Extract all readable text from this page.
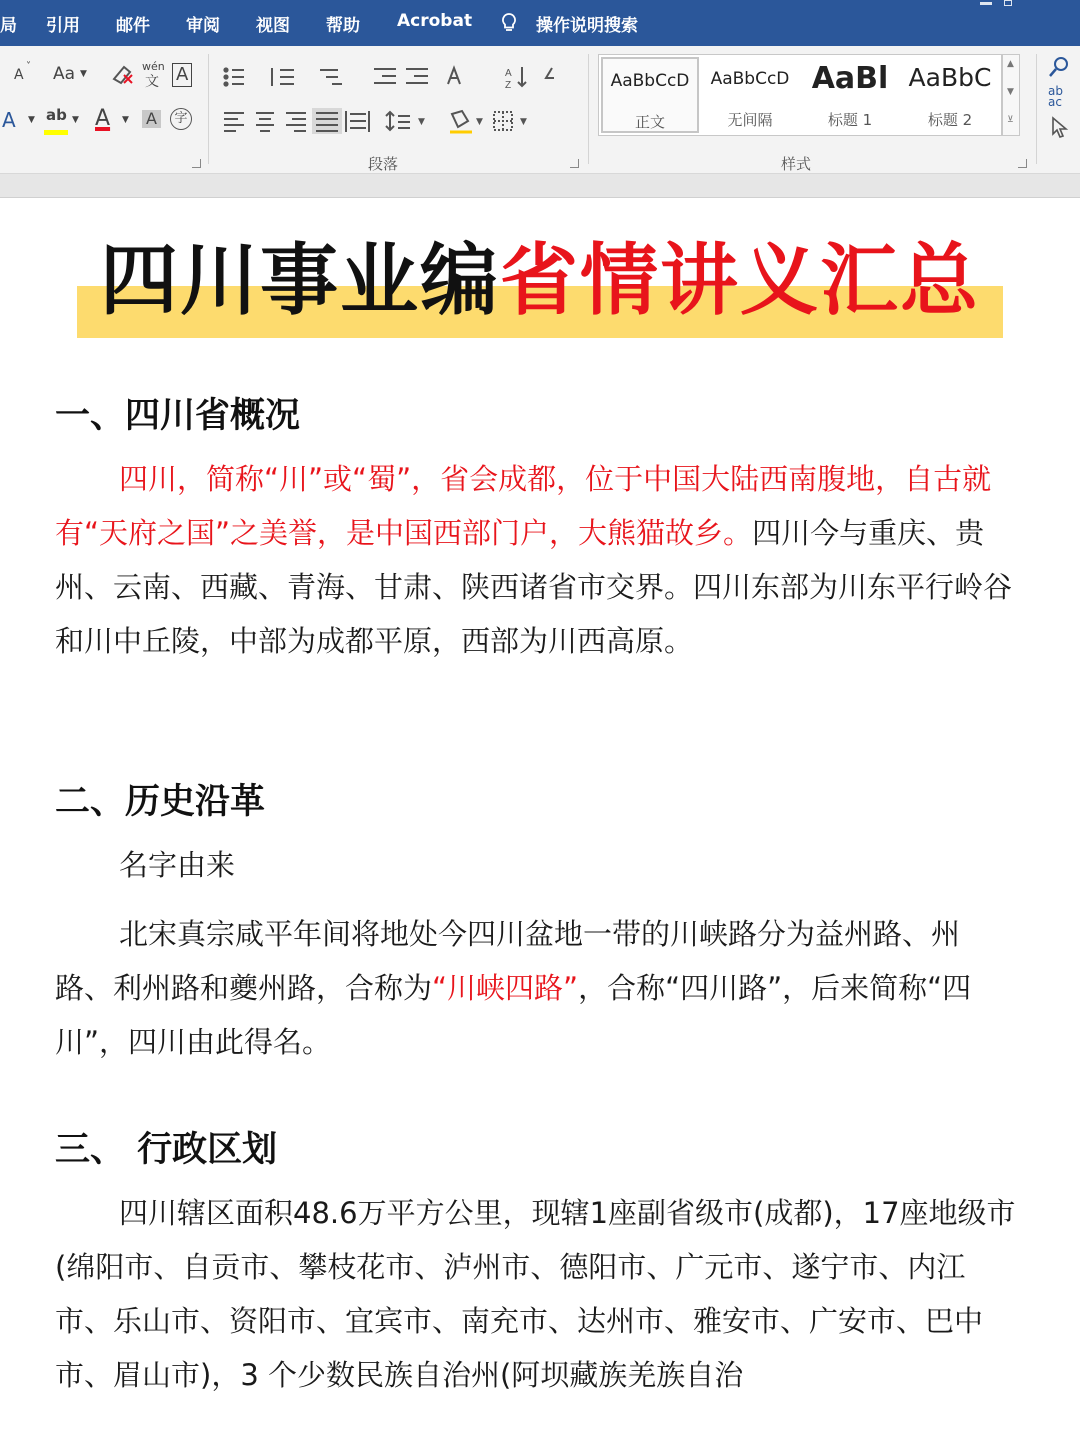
局 引用 邮件 审阅 视图 帮助 Acrobat	操作说明搜索
A
˅ Aa ▼
wén
文 A
A ▼ ab ▼ A ▼ A	字
A
Z
▼	▼	▼
段落
AaBbCcD
正文
AaBbCcD
无间隔
AaBl
标题 1
AaBbC
标题 2
▲
▼
⊻
样式
ab ac
四川事业编省情讲义汇总
一、四川省概况
四川，简称“川”或“蜀”，省会成都，位于中国大陆西南腹地，自古就有“天府之国”之美誉，是中国西部门户，大熊猫故乡。四川今与重庆、贵州、云南、西藏、青海、甘肃、陕西诸省市交界。四川东部为川东平行岭谷和川中丘陵，中部为成都平原，西部为川西高原。
二、历史沿革
名字由来
北宋真宗咸平年间将地处今四川盆地一带的川峡路分为益州路、州路、利州路和夔州路，合称为“川峡四路”，合称“四川路”，后来简称“四川”，四川由此得名。
三、 行政区划
四川辖区面积48.6万平方公里，现辖1座副省级市(成都)，17座地级市(绵阳市、自贡市、攀枝花市、泸州市、德阳市、广元市、遂宁市、内江市、乐山市、资阳市、宜宾市、南充市、达州市、雅安市、广安市、巴中市、眉山市)，3 个少数民族自治州(阿坝藏族羌族自治
